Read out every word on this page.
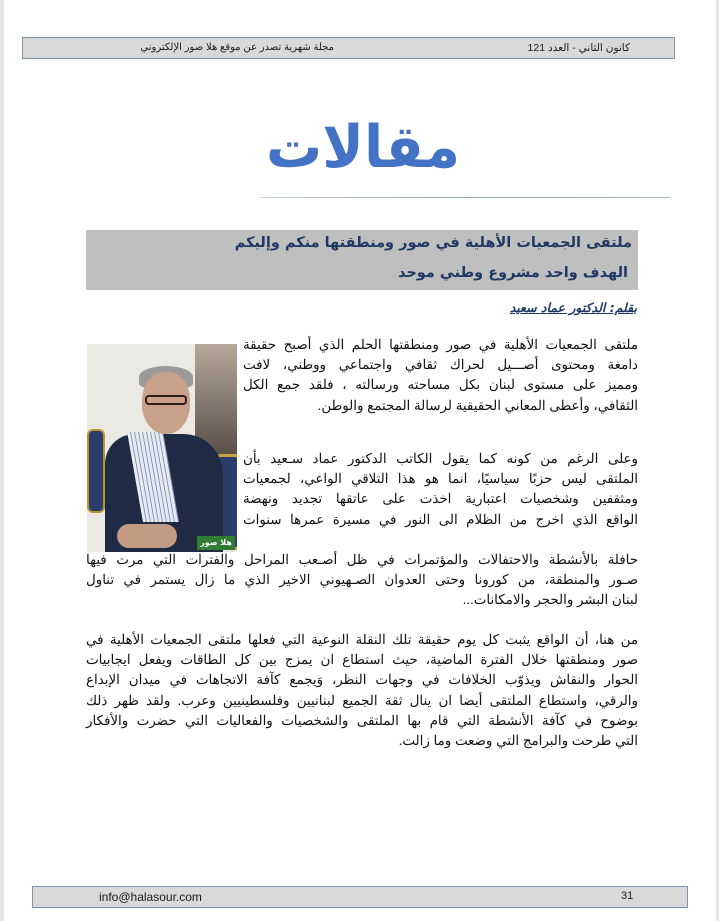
كانون الثاني - العدد 121
مجلة شهرية تصدر عن موقع هلا صور الإلكتروني
مقالات
ملتقى الجمعيات الأهلية في صور ومنطقتها منكم وإليكم
الهدف واحد مشروع وطني موحد
بقلم: الدكتور عماد سعيد
هلا صور
ملتقى الجمعيات الأهلية في صور ومنطقتها الحلم الذي أصبح حقيقة
دامغة ومحتوى أصـــيل لحراك ثقافي واجتماعي ووطني، لافت
ومميز على مستوى لبنان بكل مساحته ورسالته ، فلقد جمع الكل
الثقافي، وأعطى المعاني الحقيقية لرسالة المجتمع والوطن.
وعلى الرغم من كونه كما يقول الكاتب الدكتور عماد سـعيد بأن
الملتقى ليس حزبًا سياسيًا، انما هو هذا التلاقي الواعي، لجمعيات
ومثقفين وشخصيات اعتبارية اخذت على عاتقها تجديد ونهضة
الواقع الذي اخرج من الظلام الى النور في مسيرة عمرها سنوات
حافلة بالأنشطة والاحتفالات والمؤتمرات في ظل أصـعب المراحل والفترات التي مرت فيها
صـور والمنطقة، من كورونا وحتى العدوان الصـهيوني الاخير الذي ما زال يستمر في تناول
لبنان البشر والحجر والامكانات...
من هنا، أن الواقع يثبت كل يوم حقيقة تلك النقلة النوعية التي فعلها ملتقى الجمعيات الأهلية في
صور ومنطقتها خلال الفترة الماضية، حيث استطاع ان يمزج بين كل الطاقات ويفعل ايجابيات
الحوار والنقاش ويذوّب الخلافات في وجهات النظر، وَيجمع كآفة الاتجاهات في ميدان الإبداع
والرقي، واستطاع الملتقى أيضا ان ينال ثقة الجميع لبنانيين وفلسطينيين وعرب. ولقد ظهر ذلك
بوضوح في كآفة الأنشطة التي قام بها الملتقى والشخصيات والفعاليات التي حضرت والأفكار
التي طرحت والبرامج التي وضعت وما زالت.
info@halasour.com	31
